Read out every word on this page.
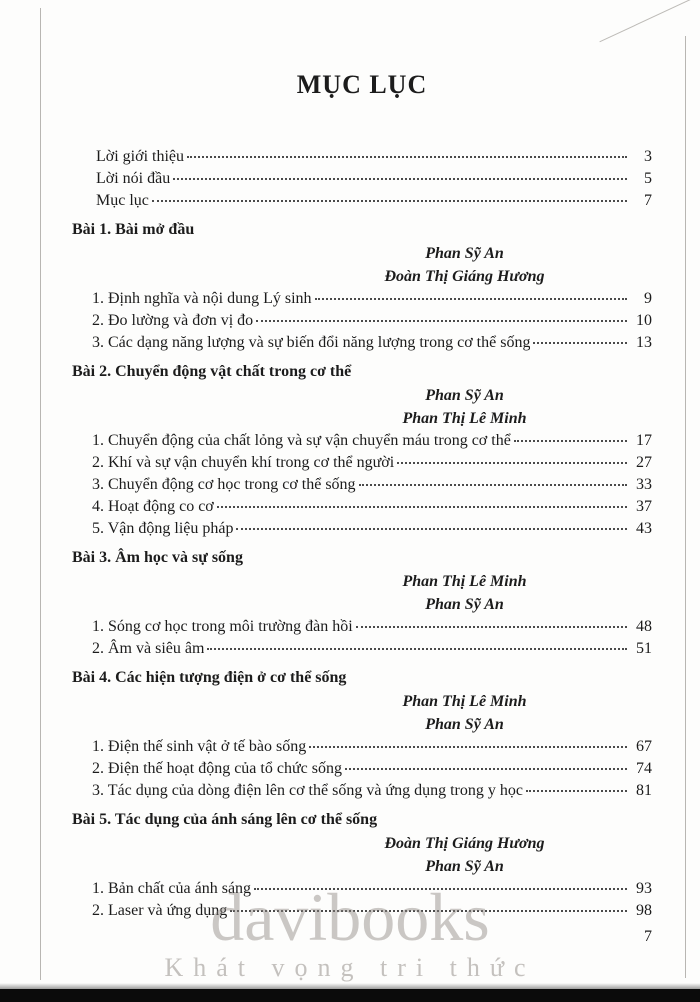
MỤC LỤC
Lời giới thiệu	3
Lời nói đầu	5
Mục lục	7
Bài 1. Bài mở đầu
Phan Sỹ An
Đoàn Thị Giáng Hương
1. Định nghĩa và nội dung Lý sinh	9
2. Đo lường và đơn vị đo	10
3. Các dạng năng lượng và sự biến đổi năng lượng trong cơ thể sống	13
Bài 2. Chuyển động vật chất trong cơ thể
Phan Sỹ An
Phan Thị Lê Minh
1. Chuyển động của chất lỏng và sự vận chuyển máu trong cơ thể	17
2. Khí và sự vận chuyển khí trong cơ thể người	27
3. Chuyển động cơ học trong cơ thể sống	33
4. Hoạt động co cơ	37
5. Vận động liệu pháp	43
Bài 3. Âm học và sự sống
Phan Thị Lê Minh
Phan Sỹ An
1. Sóng cơ học trong môi trường đàn hồi	48
2. Âm và siêu âm	51
Bài 4. Các hiện tượng điện ở cơ thể sống
Phan Thị Lê Minh
Phan Sỹ An
1. Điện thế sinh vật ở tế bào sống	67
2. Điện thế hoạt động của tổ chức sống	74
3. Tác dụng của dòng điện lên cơ thể sống và ứng dụng trong y học	81
Bài 5. Tác dụng của ánh sáng lên cơ thể sống
Đoàn Thị Giáng Hương
Phan Sỹ An
1. Bản chất của ánh sáng	93
2. Laser và ứng dụng	98
7
davibooks
Khát vọng tri thức
